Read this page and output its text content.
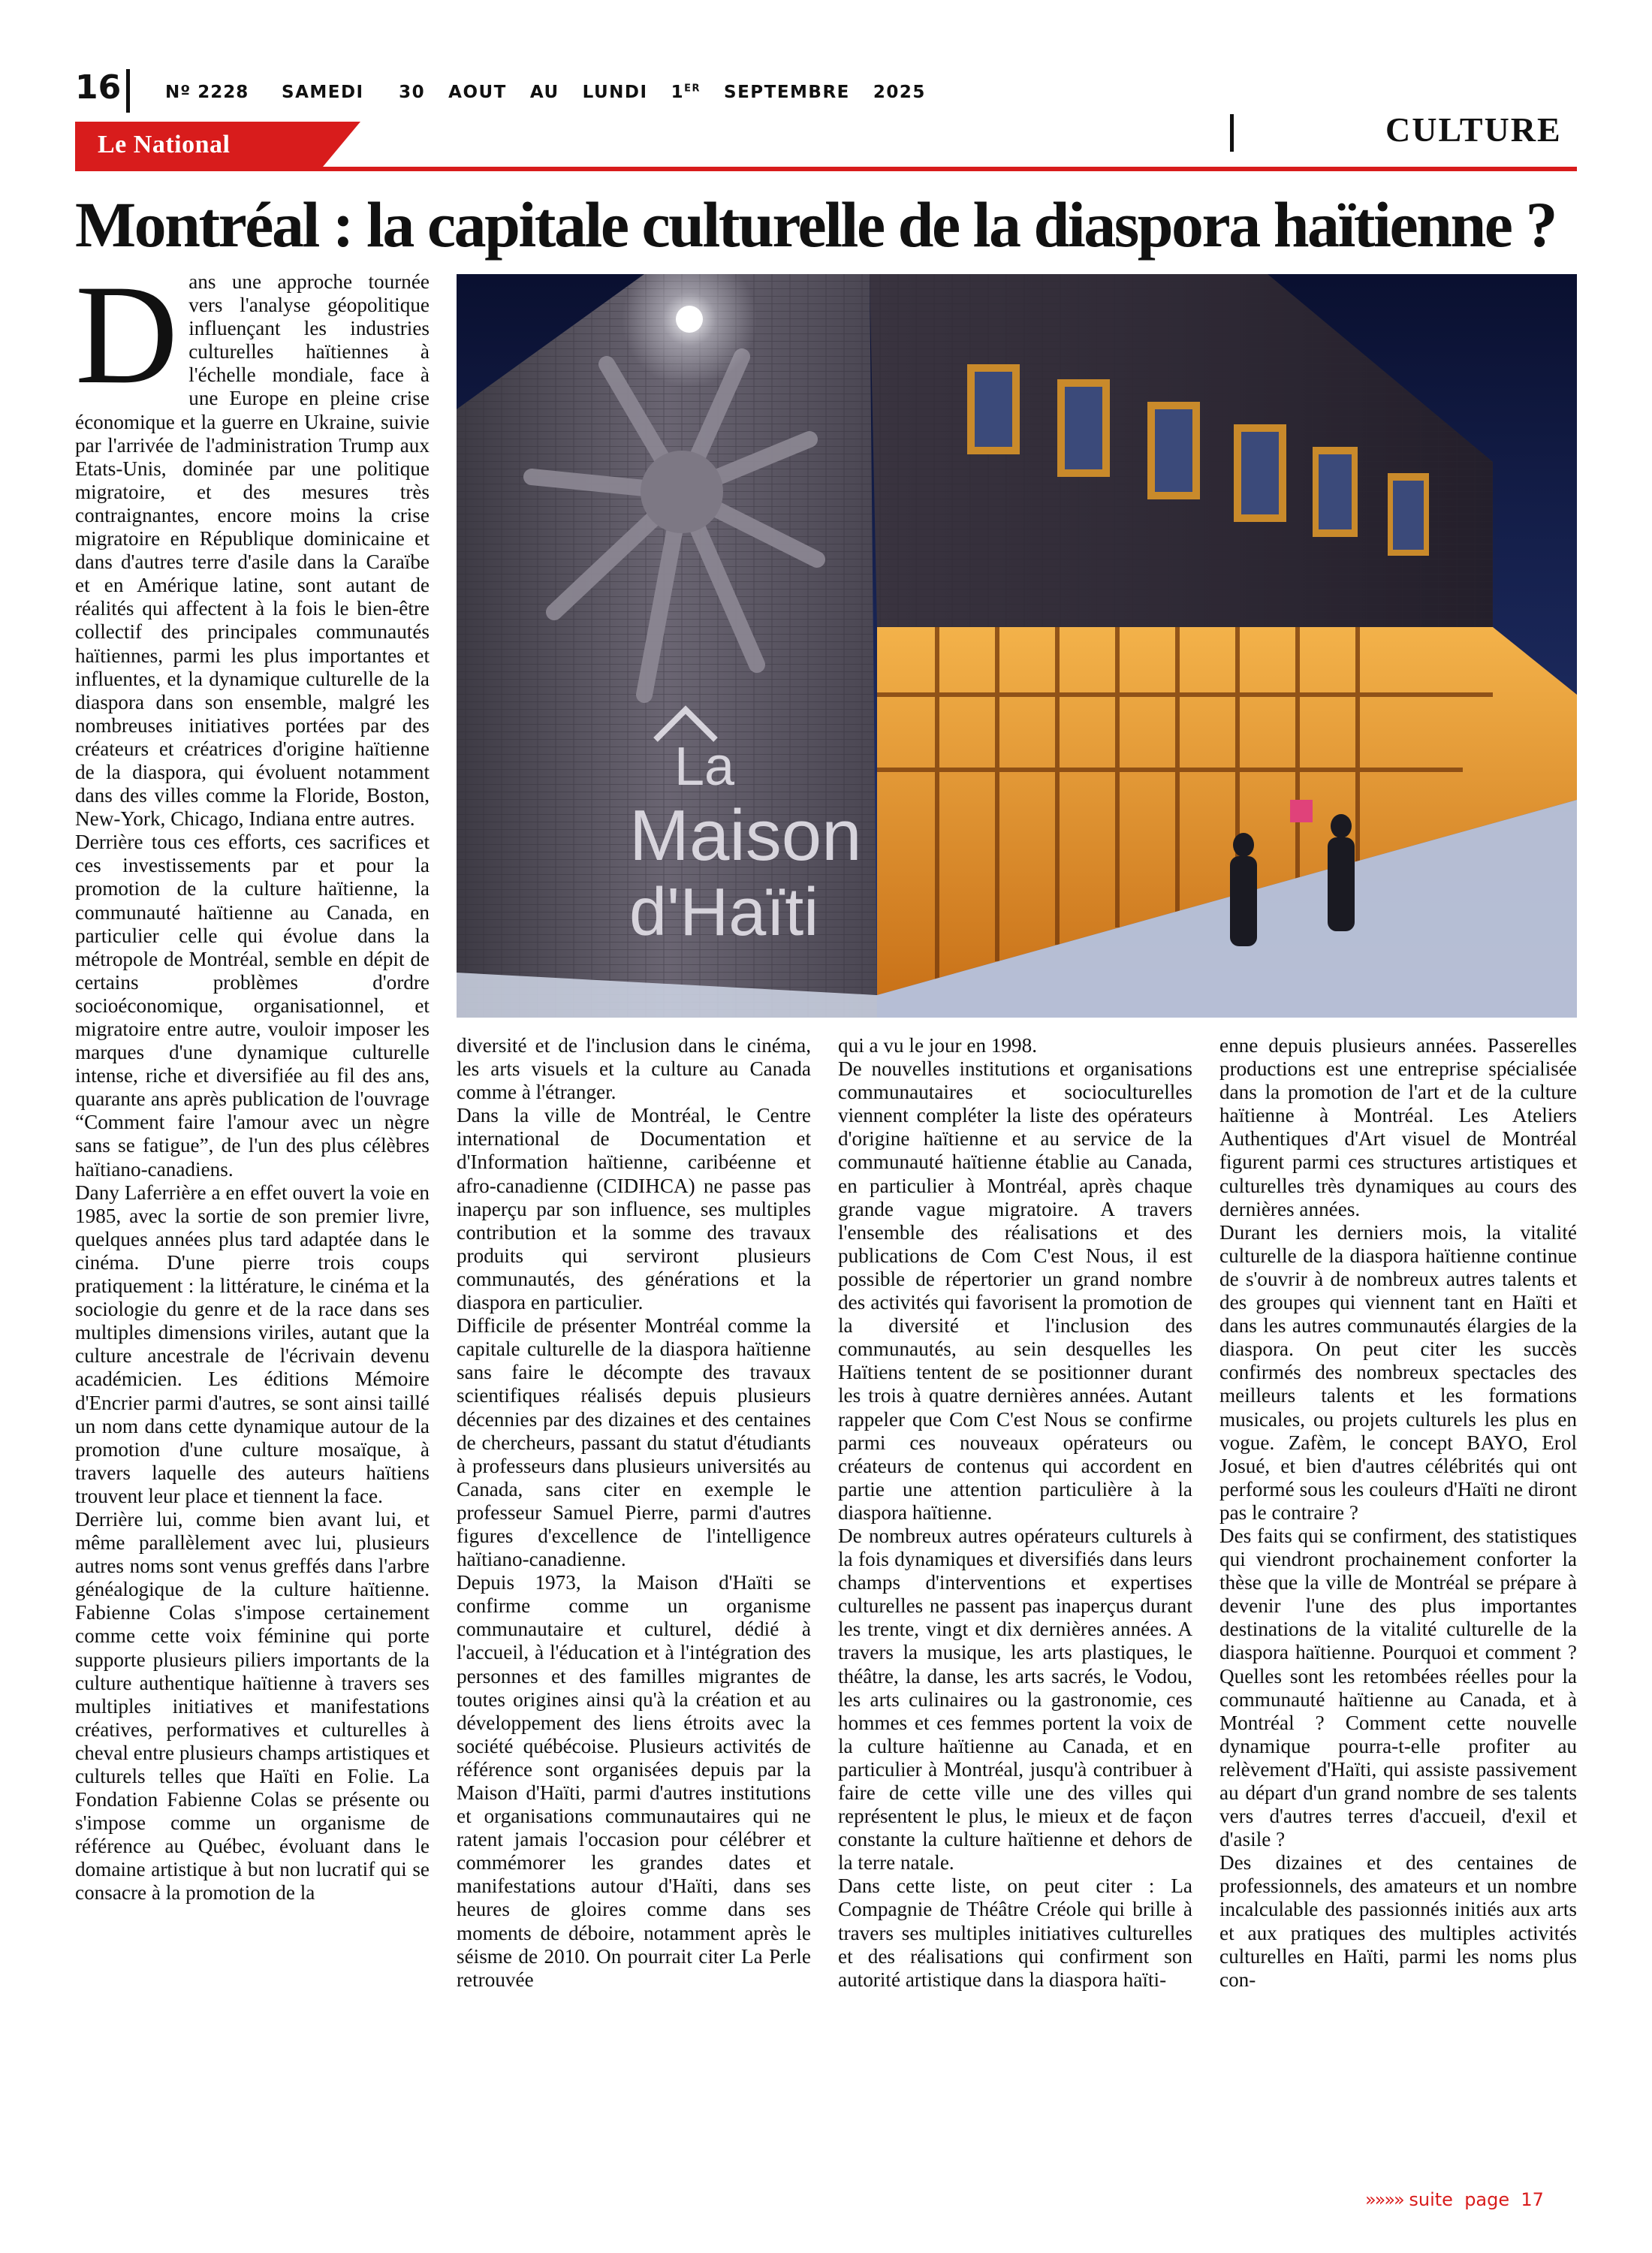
16	Nº 2228 SAMEDI   30  AOUT  AU  LUNDI  1ER  SEPTEMBRE  2025
Le National	CULTURE
Montréal : la capitale culturelle de la diaspora haïtienne ?
La
Maison
d'Haïti

Dans une approche tournée vers l'analyse géopolitique influençant les industries culturelles haïtiennes à l'échelle mondiale, face à une Europe en pleine crise économique et la guerre en Ukraine, suivie par l'arrivée de l'administration Trump aux Etats-Unis, dominée par une politique migratoire, et des mesures très contraignantes, encore moins la crise migratoire en République dominicaine et dans d'autres terre d'asile dans la Caraïbe et en Amérique latine, sont autant de réalités qui affectent à la fois le bien-être collectif des principales communautés haïtiennes, parmi les plus importantes et influentes, et la dynamique culturelle de la diaspora dans son ensemble, malgré les nombreuses initiatives portées par des créateurs et créatrices d'origine haïtienne de la diaspora, qui évoluent notamment dans des villes comme la Floride, Boston, New-York, Chicago, Indiana entre autres.

Derrière tous ces efforts, ces sacrifices et ces investissements par et pour la promotion de la culture haïtienne, la communauté haïtienne au Canada, en particulier celle qui évolue dans la métropole de Montréal, semble en dépit de certains problèmes d'ordre socioéconomique, organisationnel, et migratoire entre autre, vouloir imposer les marques d'une dynamique culturelle intense, riche et diversifiée au fil des ans, quarante ans après publication de l'ouvrage “Comment faire l'amour avec un nègre sans se fatigue”, de l'un des plus célèbres haïtiano-canadiens.

Dany Laferrière a en effet ouvert la voie en 1985, avec la sortie de son premier livre, quelques années plus tard adaptée dans le cinéma. D'une pierre trois coups pratiquement : la littérature, le cinéma et la sociologie du genre et de la race dans ses multiples dimensions viriles, autant que la culture ancestrale de l'écrivain devenu académicien. Les éditions Mémoire d'Encrier parmi d'autres, se sont ainsi taillé un nom dans cette dynamique autour de la promotion d'une culture mosaïque, à travers laquelle des auteurs haïtiens trouvent leur place et tiennent la face.

Derrière lui, comme bien avant lui, et même parallèlement avec lui, plusieurs autres noms sont venus greffés dans l'arbre généalogique de la culture haïtienne. Fabienne Colas s'impose certainement comme cette voix féminine qui porte supporte plusieurs piliers importants de la culture authentique haïtienne à travers ses multiples initiatives et manifestations créatives, performatives et culturelles à cheval entre plusieurs champs artistiques et culturels telles que Haïti en Folie. La Fondation Fabienne Colas se présente ou s'impose comme un organisme de référence au Québec, évoluant dans le domaine artistique à but non lucratif qui se consacre à la promotion de la

diversité et de l'inclusion dans le cinéma, les arts visuels et la culture au Canada comme à l'étranger.

Dans la ville de Montréal, le Centre international de Documentation et d'Information haïtienne, caribéenne et afro-canadienne (CIDIHCA) ne passe pas inaperçu par son influence, ses multiples contribution et la somme des travaux produits qui serviront plusieurs communautés, des générations et la diaspora en particulier.

Difficile de présenter Montréal comme la capitale culturelle de la diaspora haïtienne sans faire le décompte des travaux scientifiques réalisés depuis plusieurs décennies par des dizaines et des centaines de chercheurs, passant du statut d'étudiants à professeurs dans plusieurs universités au Canada, sans citer en exemple le professeur Samuel Pierre, parmi d'autres figures d'excellence de l'intelligence haïtiano-canadienne.

Depuis 1973, la Maison d'Haïti se confirme comme un organisme communautaire et culturel, dédié à l'accueil, à l'éducation et à l'intégration des personnes et des familles migrantes de toutes origines ainsi qu'à la création et au développement des liens étroits avec la société québécoise. Plusieurs activités de référence sont organisées depuis par la Maison d'Haïti, parmi d'autres institutions et organisations communautaires qui ne ratent jamais l'occasion pour célébrer et commémorer les grandes dates et manifestations autour d'Haïti, dans ses heures de gloires comme dans ses moments de déboire, notamment après le séisme de 2010. On pourrait citer La Perle retrouvée

qui a vu le jour en 1998.

De nouvelles institutions et organisations communautaires et socioculturelles viennent compléter la liste des opérateurs d'origine haïtienne et au service de la communauté haïtienne établie au Canada, en particulier à Montréal, après chaque grande vague migratoire. A travers l'ensemble des réalisations et des publications de Com C'est Nous, il est possible de répertorier un grand nombre des activités qui favorisent la promotion de la diversité et l'inclusion des communautés, au sein desquelles les Haïtiens tentent de se positionner durant les trois à quatre dernières années. Autant rappeler que Com C'est Nous se confirme parmi ces nouveaux opérateurs ou créateurs de contenus qui accordent en partie une attention particulière à la diaspora haïtienne.

De nombreux autres opérateurs culturels à la fois dynamiques et diversifiés dans leurs champs d'interventions et expertises culturelles ne passent pas inaperçus durant les trente, vingt et dix dernières années. A travers la musique, les arts plastiques, le théâtre, la danse, les arts sacrés, le Vodou, les arts culinaires ou la gastronomie, ces hommes et ces femmes portent la voix de la culture haïtienne au Canada, et en particulier à Montréal, jusqu'à contribuer à faire de cette ville une des villes qui représentent le plus, le mieux et de façon constante la culture haïtienne et dehors de la terre natale.

Dans cette liste, on peut citer : La Compagnie de Théâtre Créole qui brille à travers ses multiples initiatives culturelles et des réalisations qui confirment son autorité artistique dans la diaspora haïti-

enne depuis plusieurs années. Passerelles productions est une entreprise spécialisée dans la promotion de l'art et de la culture haïtienne à Montréal. Les Ateliers Authentiques d'Art visuel de Montréal figurent parmi ces structures artistiques et culturelles très dynamiques au cours des dernières années.

Durant les derniers mois, la vitalité culturelle de la diaspora haïtienne continue de s'ouvrir à de nombreux autres talents et des groupes qui viennent tant en Haïti et dans les autres communautés élargies de la diaspora. On peut citer les succès confirmés des nombreux spectacles des meilleurs talents et les formations musicales, ou projets culturels les plus en vogue. Zafèm, le concept BAYO, Erol Josué, et bien d'autres célébrités qui ont performé sous les couleurs d'Haïti ne diront pas le contraire ?

Des faits qui se confirment, des statistiques qui viendront prochainement conforter la thèse que la ville de Montréal se prépare à devenir l'une des plus importantes destinations de la vitalité culturelle de la diaspora haïtienne. Pourquoi et comment ? Quelles sont les retombées réelles pour la communauté haïtienne au Canada, et à Montréal ? Comment cette nouvelle dynamique pourra-t-elle profiter au relèvement d'Haïti, qui assiste passivement au départ d'un grand nombre de ses talents vers d'autres terres d'accueil, d'exil et d'asile ?

Des dizaines et des centaines de professionnels, des amateurs et un nombre incalculable des passionnés initiés aux arts et aux pratiques des multiples activités culturelles en Haïti, parmi les noms plus con-

»»»» suite  page  17
